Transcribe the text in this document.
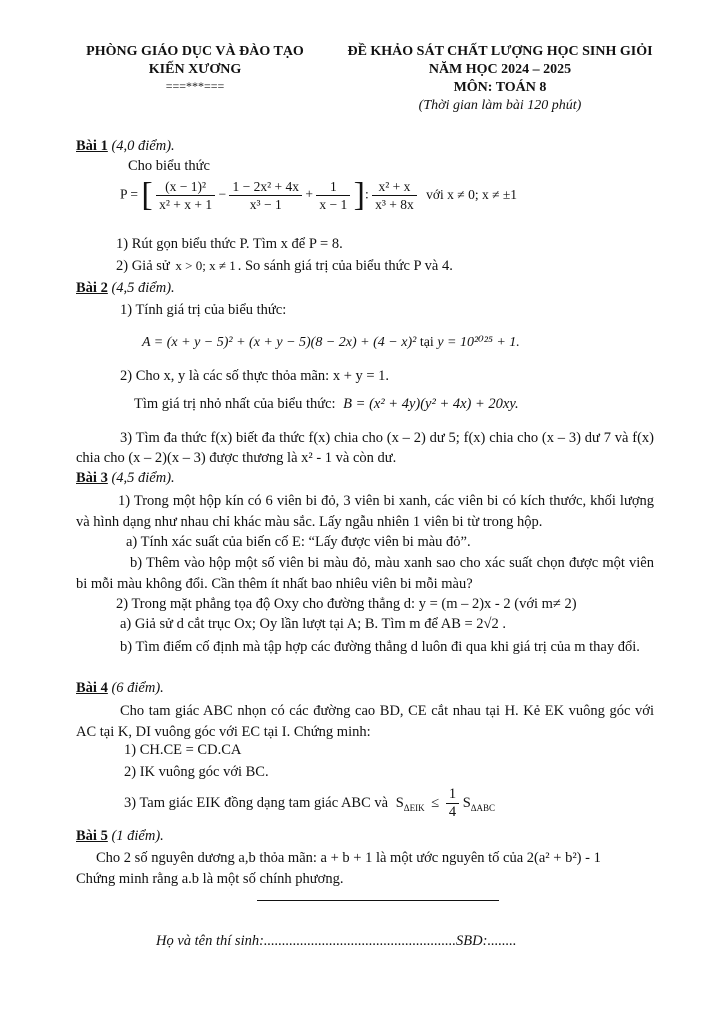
PHÒNG GIÁO DỤC VÀ ĐÀO TẠO
KIẾN XƯƠNG
===***===
ĐỀ KHẢO SÁT CHẤT LƯỢNG HỌC SINH GIỎI
NĂM HỌC 2024 – 2025
MÔN: TOÁN 8
(Thời gian làm bài 120 phút)
Bài 1 (4,0 điểm).
Cho biểu thức
P = [ $\frac{\text{(x − 1)²}}{\text{x² + x + 1}} - \frac{\text{1 − 2x² + 4x}}{\text{x³ − 1}} + \frac{1}{x - 1}$ ]: $\frac{\text{x² + x}}{\text{x³ + 8x}}$ với x ≠ 0; x ≠ ±1
1) Rút gọn biểu thức P. Tìm x để P = 8.
2) Giả sử x > 0; x ≠ 1 . So sánh giá trị của biểu thức P và 4.
Bài 2 (4,5 điểm).
1) Tính giá trị của biểu thức:
A = (x + y − 5)² + (x + y − 5)(8 − 2x) + (4 − x)² tại y = 10²⁰²⁵ + 1.
2) Cho x, y là các số thực thỏa mãn: x + y = 1.
Tìm giá trị nhỏ nhất của biểu thức: B = (x² + 4y)(y² + 4x) + 20xy.
3) Tìm đa thức f(x) biết đa thức f(x) chia cho (x – 2) dư 5; f(x) chia cho (x – 3) dư 7 và f(x) chia cho (x – 2)(x – 3) được thương là x² - 1 và còn dư.
Bài 3 (4,5 điểm).
1) Trong một hộp kín có 6 viên bi đỏ, 3 viên bi xanh, các viên bi có kích thước, khối lượng và hình dạng như nhau chỉ khác màu sắc. Lấy ngẫu nhiên 1 viên bi từ trong hộp.
a) Tính xác suất của biến cố E: “Lấy được viên bi màu đỏ”.
b) Thêm vào hộp một số viên bi màu đỏ, màu xanh sao cho xác suất chọn được một viên bi mỗi màu không đổi. Cần thêm ít nhất bao nhiêu viên bi mỗi màu?
2) Trong mặt phẳng tọa độ Oxy cho đường thẳng d: y = (m – 2)x - 2 (với m≠ 2)
a) Giả sử d cắt trục Ox; Oy lần lượt tại A; B. Tìm m để AB = 2√2 .
b) Tìm điểm cố định mà tập hợp các đường thẳng d luôn đi qua khi giá trị của m thay đổi.
Bài 4 (6 điểm).
Cho tam giác ABC nhọn có các đường cao BD, CE cắt nhau tại H. Kẻ EK vuông góc với AC tại K, DI vuông góc với EC tại I. Chứng minh:
1) CH.CE = CD.CA
2) IK vuông góc với BC.
3) Tam giác EIK đồng dạng tam giác ABC và $S_{\Delta EIK} \le \frac{1}{4} S_{\Delta ABC}$
Bài 5 (1 điểm).
Cho 2 số nguyên dương a,b thỏa mãn: a + b + 1 là một ước nguyên tố của 2(a² + b²) - 1
Chứng minh rằng a.b là một số chính phương.
Họ và tên thí sinh:.....................................................SBD:........
